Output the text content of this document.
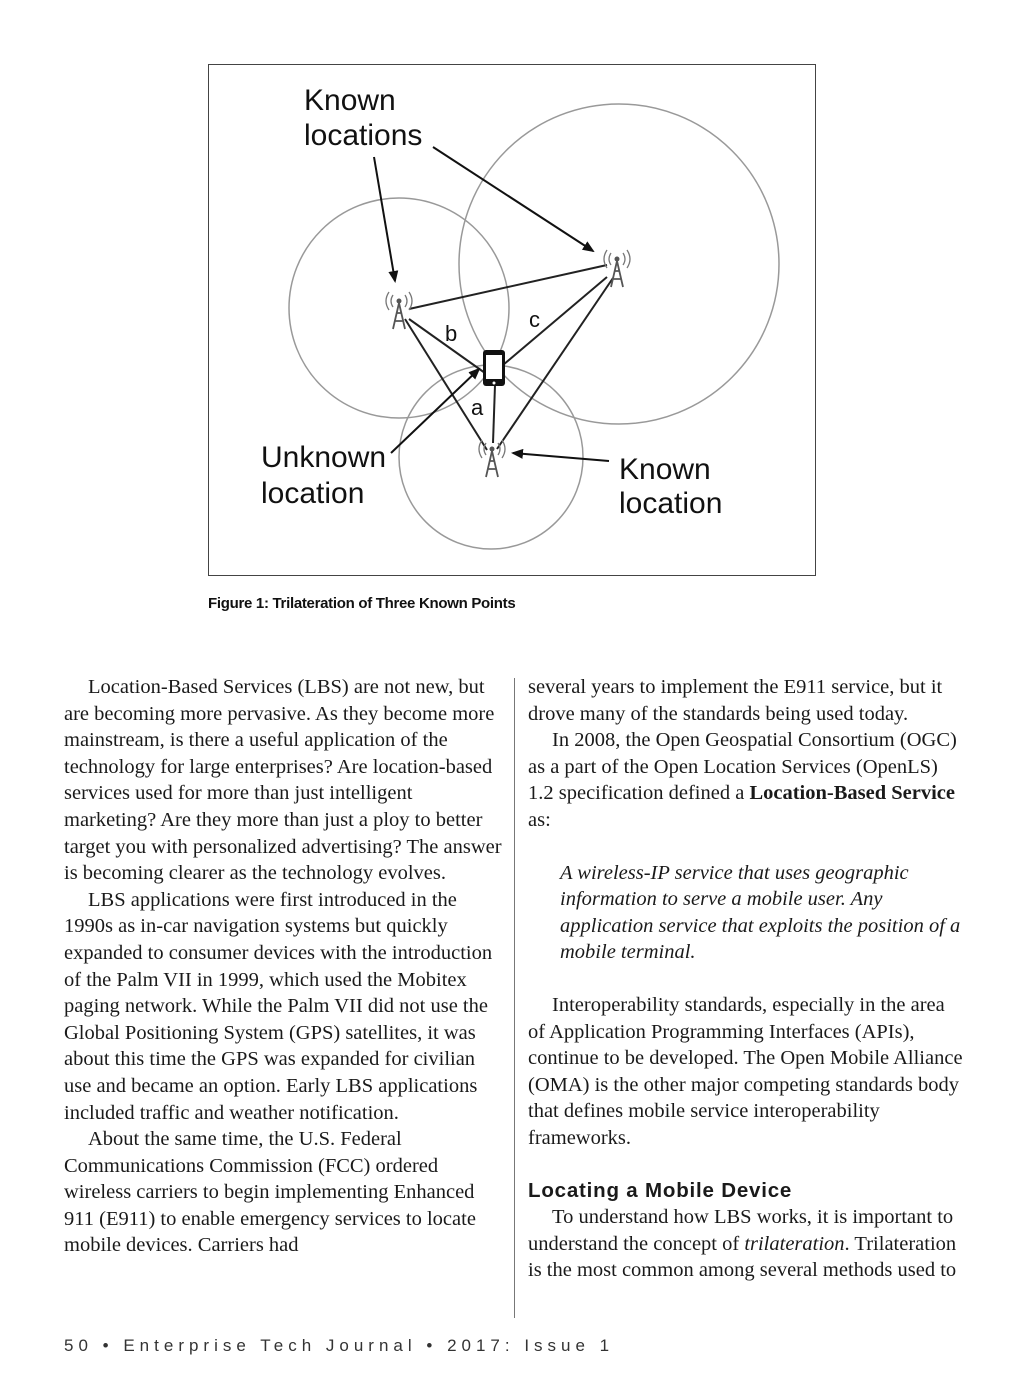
Known
locations
Unknown
location
Known
location
a
b
c
Figure 1: Trilateration of Three Known Points

Location-Based Services (LBS) are not new, but are becoming more pervasive. As they become more mainstream, is there a useful application of the technology for large enterprises? Are location-based services used for more than just intelligent marketing? Are they more than just a ploy to better target you with personalized advertising? The answer is becoming clearer as the technology evolves.

LBS applications were first introduced in the 1990s as in-car navigation systems but quickly expanded to consumer devices with the introduction of the Palm VII in 1999, which used the Mobitex paging network. While the Palm VII did not use the Global Positioning System (GPS) satellites, it was about this time the GPS was expanded for civilian use and became an option. Early LBS applications included traffic and weather notification.

About the same time, the U.S. Federal Communications Commission (FCC) ordered wireless carriers to begin implementing Enhanced 911 (E911) to enable emergency services to locate mobile devices. Carriers had

several years to implement the E911 service, but it drove many of the standards being used today.

In 2008, the Open Geospatial Consortium (OGC) as a part of the Open Location Services (OpenLS) 1.2 specification defined a Location-Based Service as:

A wireless-IP service that uses geographic information to serve a mobile user. Any application service that exploits the position of a mobile terminal.

Interoperability standards, especially in the area of Application Programming Interfaces (APIs), continue to be developed. The Open Mobile Alliance (OMA) is the other major competing standards body that defines mobile service interoperability frameworks.

Locating a Mobile Device

To understand how LBS works, it is important to understand the concept of trilateration. Trilateration is the most common among several methods used to

50 • Enterprise Tech Journal • 2017: Issue 1
